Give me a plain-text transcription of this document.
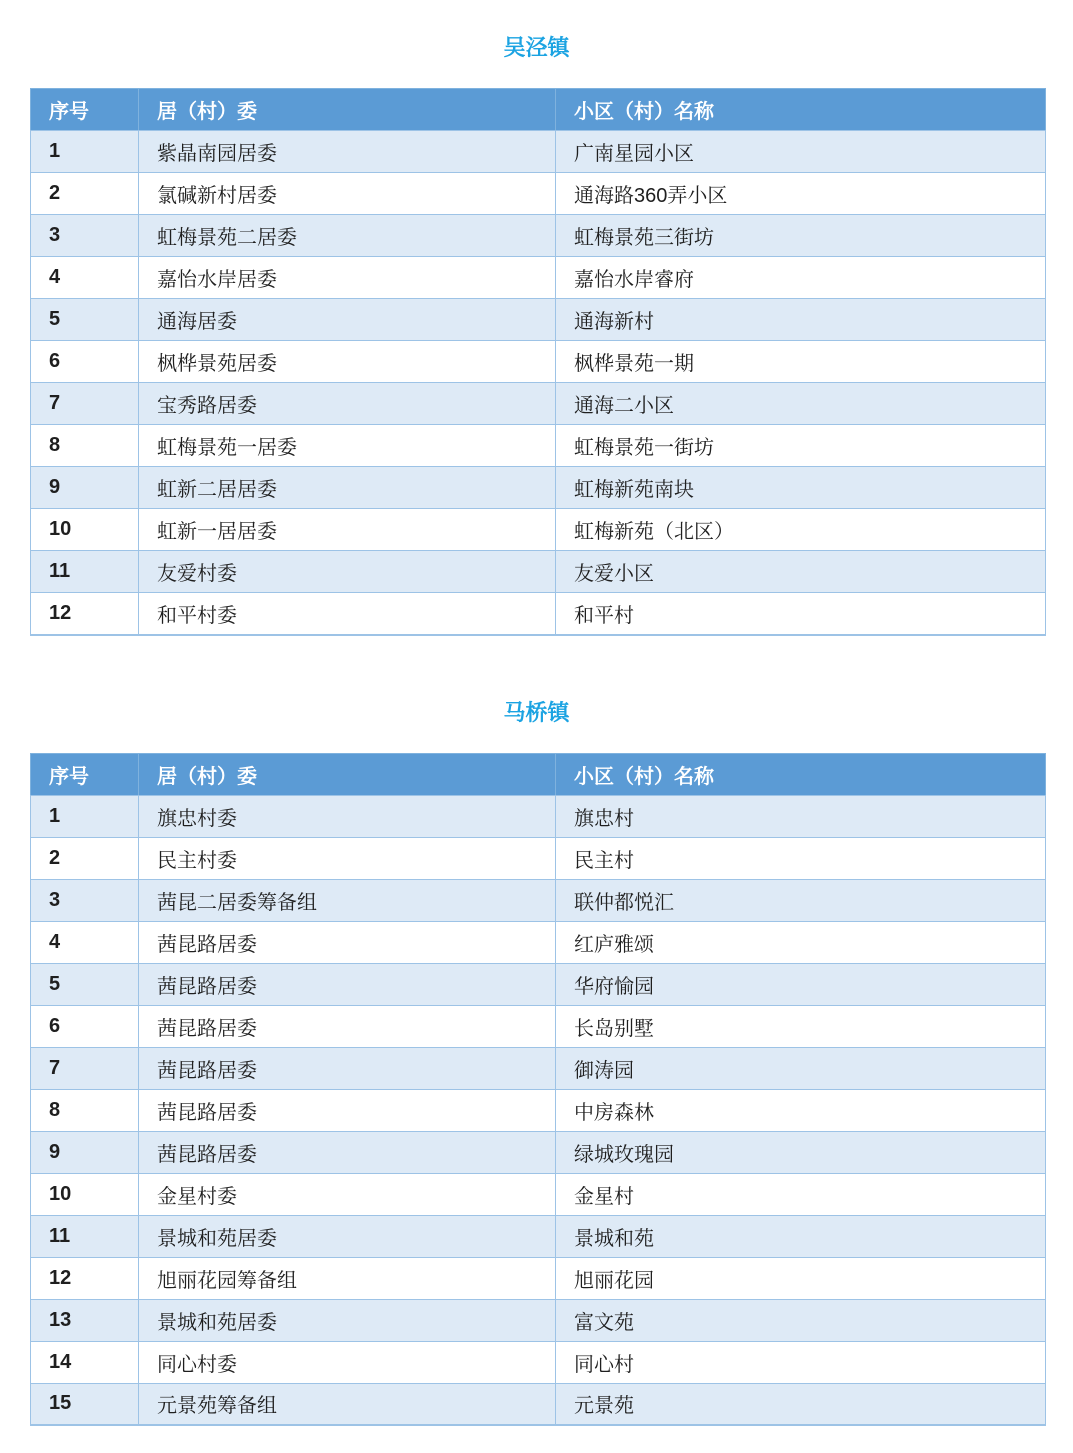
吴泾镇
序号	居（村）委	小区（村）名称
1	紫晶南园居委	广南星园小区
2	氯碱新村居委	通海路360弄小区
3	虹梅景苑二居委	虹梅景苑三街坊
4	嘉怡水岸居委	嘉怡水岸睿府
5	通海居委	通海新村
6	枫桦景苑居委	枫桦景苑一期
7	宝秀路居委	通海二小区
8	虹梅景苑一居委	虹梅景苑一街坊
9	虹新二居居委	虹梅新苑南块
10	虹新一居居委	虹梅新苑（北区）
11	友爱村委	友爱小区
12	和平村委	和平村
马桥镇
序号	居（村）委	小区（村）名称
1	旗忠村委	旗忠村
2	民主村委	民主村
3	茜昆二居委筹备组	联仲都悦汇
4	茜昆路居委	红庐雅颂
5	茜昆路居委	华府愉园
6	茜昆路居委	长岛别墅
7	茜昆路居委	御涛园
8	茜昆路居委	中房森林
9	茜昆路居委	绿城玫瑰园
10	金星村委	金星村
11	景城和苑居委	景城和苑
12	旭丽花园筹备组	旭丽花园
13	景城和苑居委	富文苑
14	同心村委	同心村
15	元景苑筹备组	元景苑
